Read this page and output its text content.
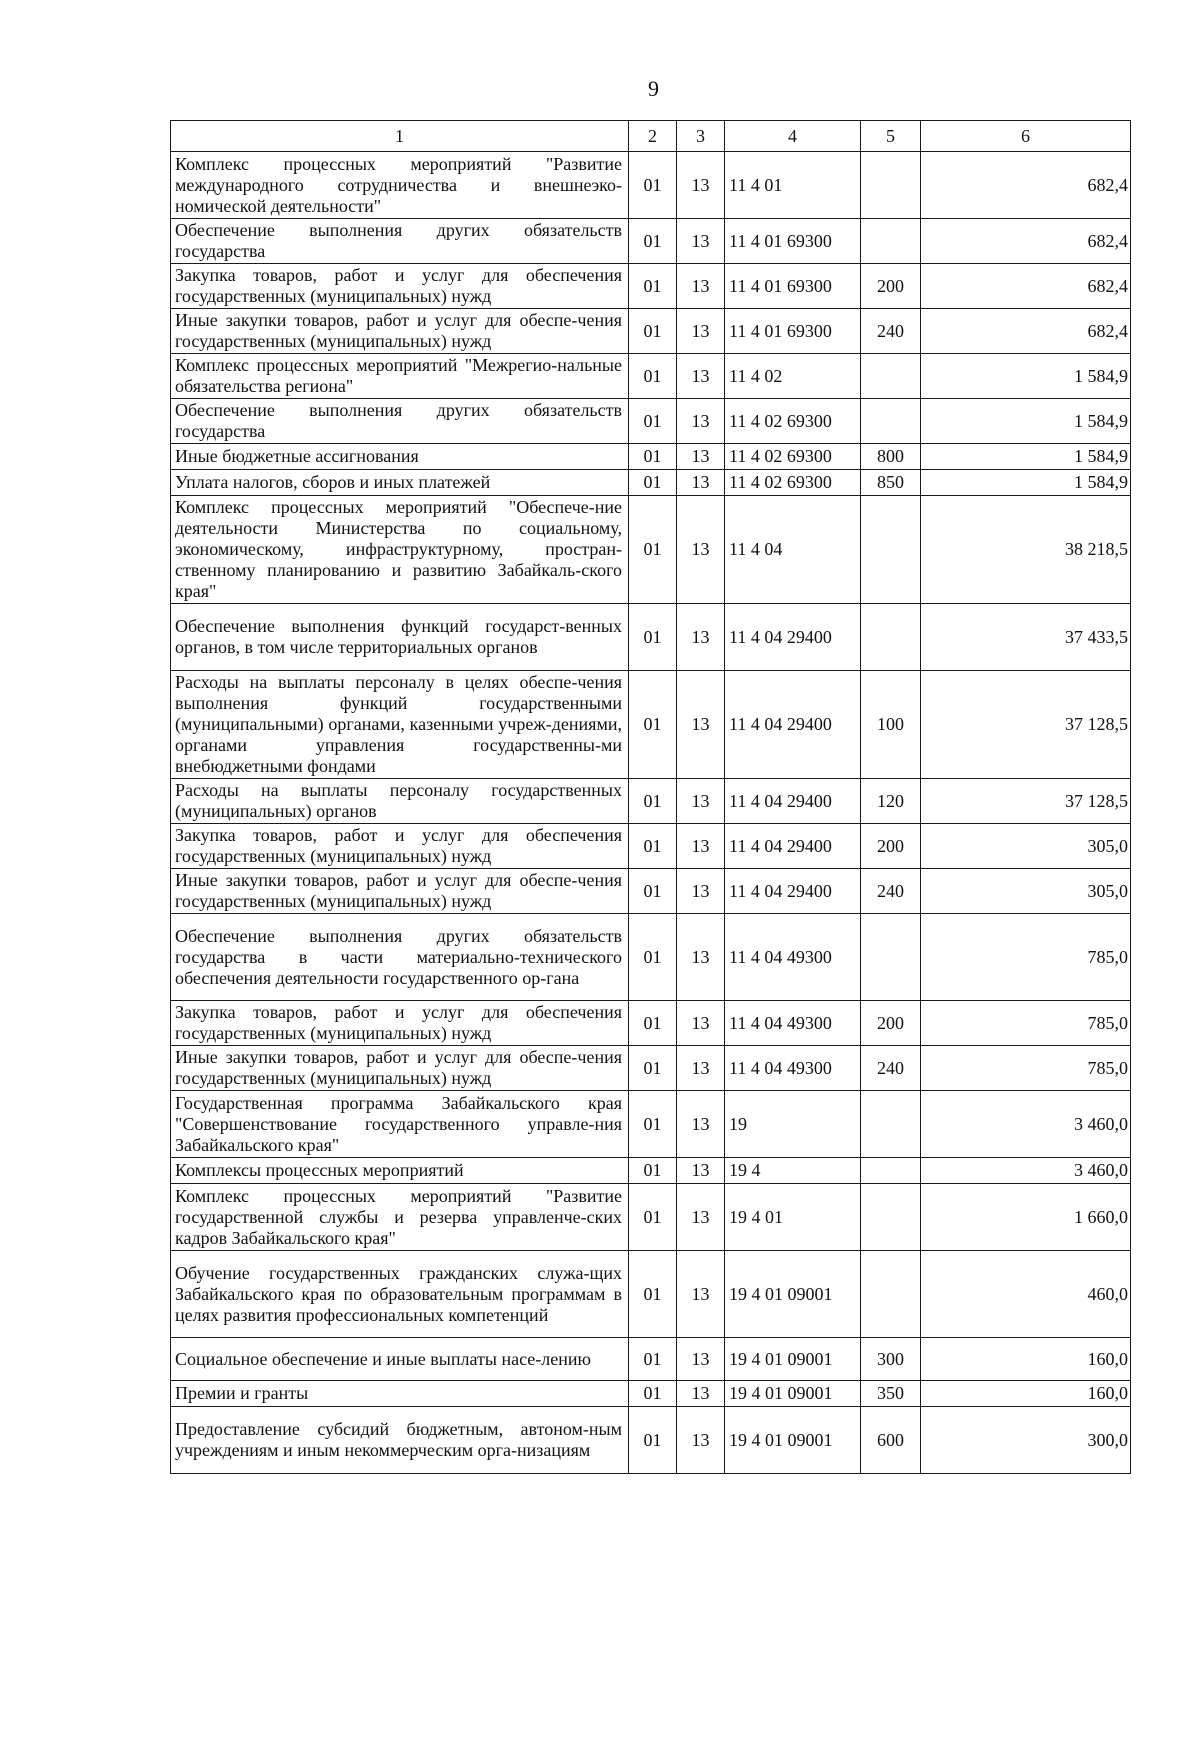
9
1	2	3	4	5	6
Комплекс процессных мероприятий "Развитие международного сотрудничества и внешнеэко-номической деятельности"	01	13	11 4 01		682,4
Обеспечение выполнения других обязательств государства	01	13	11 4 01 69300		682,4
Закупка товаров, работ и услуг для обеспечения государственных (муниципальных) нужд	01	13	11 4 01 69300	200	682,4
Иные закупки товаров, работ и услуг для обеспе-чения государственных (муниципальных) нужд	01	13	11 4 01 69300	240	682,4
Комплекс процессных мероприятий "Межрегио-нальные обязательства региона"	01	13	11 4 02		1 584,9
Обеспечение выполнения других обязательств государства	01	13	11 4 02 69300		1 584,9
Иные бюджетные ассигнования	01	13	11 4 02 69300	800	1 584,9
Уплата налогов, сборов и иных платежей	01	13	11 4 02 69300	850	1 584,9
Комплекс процессных мероприятий "Обеспече-ние деятельности Министерства по социальному, экономическому, инфраструктурному, простран-ственному планированию и развитию Забайкаль-ского края"	01	13	11 4 04		38 218,5
Обеспечение выполнения функций государст-венных органов, в том числе территориальных органов	01	13	11 4 04 29400		37 433,5
Расходы на выплаты персоналу в целях обеспе-чения выполнения функций государственными (муниципальными) органами, казенными учреж-дениями, органами управления государственны-ми внебюджетными фондами	01	13	11 4 04 29400	100	37 128,5
Расходы на выплаты персоналу государственных (муниципальных) органов	01	13	11 4 04 29400	120	37 128,5
Закупка товаров, работ и услуг для обеспечения государственных (муниципальных) нужд	01	13	11 4 04 29400	200	305,0
Иные закупки товаров, работ и услуг для обеспе-чения государственных (муниципальных) нужд	01	13	11 4 04 29400	240	305,0
Обеспечение выполнения других обязательств государства в части материально-технического обеспечения деятельности государственного ор-гана	01	13	11 4 04 49300		785,0
Закупка товаров, работ и услуг для обеспечения государственных (муниципальных) нужд	01	13	11 4 04 49300	200	785,0
Иные закупки товаров, работ и услуг для обеспе-чения государственных (муниципальных) нужд	01	13	11 4 04 49300	240	785,0
Государственная программа Забайкальского края "Совершенствование государственного управле-ния Забайкальского края"	01	13	19		3 460,0
Комплексы процессных мероприятий	01	13	19 4		3 460,0
Комплекс процессных мероприятий "Развитие государственной службы и резерва управленче-ских кадров Забайкальского края"	01	13	19 4 01		1 660,0
Обучение государственных гражданских служа-щих Забайкальского края по образовательным программам в целях развития профессиональных компетенций	01	13	19 4 01 09001		460,0
Социальное обеспечение и иные выплаты насе-лению	01	13	19 4 01 09001	300	160,0
Премии и гранты	01	13	19 4 01 09001	350	160,0
Предоставление субсидий бюджетным, автоном-ным учреждениям и иным некоммерческим орга-низациям	01	13	19 4 01 09001	600	300,0
